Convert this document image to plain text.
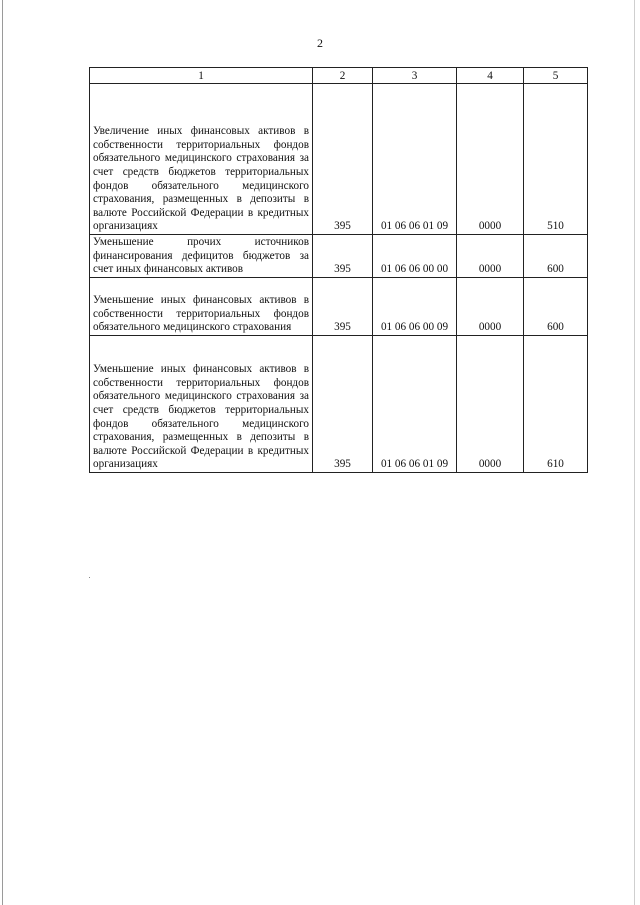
2
1	2	3	4	5
Увеличение иных финансовых активов в собственности территориальных фондов обязательного медицинского страхования за счет средств бюджетов территориальных фондов обязательного медицинского страхования, размещенных в депозиты в валюте Российской Федерации в кредитных организациях	395	01 06 06 01 09	0000	510
Уменьшение прочих источников финансирования дефицитов бюджетов за счет иных финансовых активов	395	01 06 06 00 00	0000	600
Уменьшение иных финансовых активов в собственности территориальных фондов обязательного медицинского страхования	395	01 06 06 00 09	0000	600
Уменьшение иных финансовых активов в собственности территориальных фондов обязательного медицинского страхования за счет средств бюджетов территориальных фондов обязательного медицинского страхования, размещенных в депозиты в валюте Российской Федерации в кредитных организациях	395	01 06 06 01 09	0000	610
